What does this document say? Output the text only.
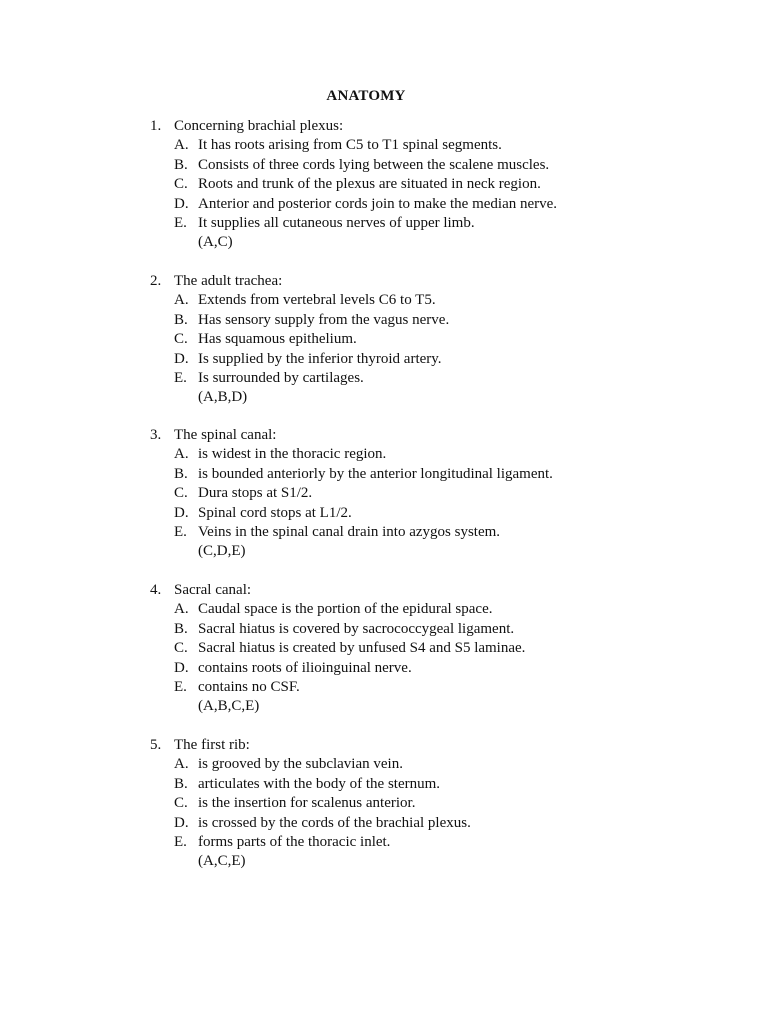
ANATOMY
1. Concerning brachial plexus:
A. It has roots arising from C5 to T1 spinal segments.
B. Consists of three cords lying between the scalene muscles.
C. Roots and trunk of the plexus are situated in neck region.
D. Anterior and posterior cords join to make the median nerve.
E. It supplies all cutaneous nerves of upper limb.
(A,C)
2. The adult trachea:
A. Extends from vertebral levels C6 to T5.
B. Has sensory supply from the vagus nerve.
C. Has squamous epithelium.
D. Is supplied by the inferior thyroid artery.
E. Is surrounded by cartilages.
(A,B,D)
3. The spinal canal:
A. is widest in the thoracic region.
B. is bounded anteriorly by the anterior longitudinal ligament.
C. Dura stops at S1/2.
D. Spinal cord stops at L1/2.
E. Veins in the spinal canal drain into azygos system.
(C,D,E)
4. Sacral canal:
A. Caudal space is the portion of the epidural space.
B. Sacral hiatus is covered by sacrococcygeal ligament.
C. Sacral hiatus is created by unfused S4 and S5 laminae.
D. contains roots of ilioinguinal nerve.
E. contains no CSF.
(A,B,C,E)
5. The first rib:
A. is grooved by the subclavian vein.
B. articulates with the body of the sternum.
C. is the insertion for scalenus anterior.
D. is crossed by the cords of the brachial plexus.
E. forms parts of the thoracic inlet.
(A,C,E)
